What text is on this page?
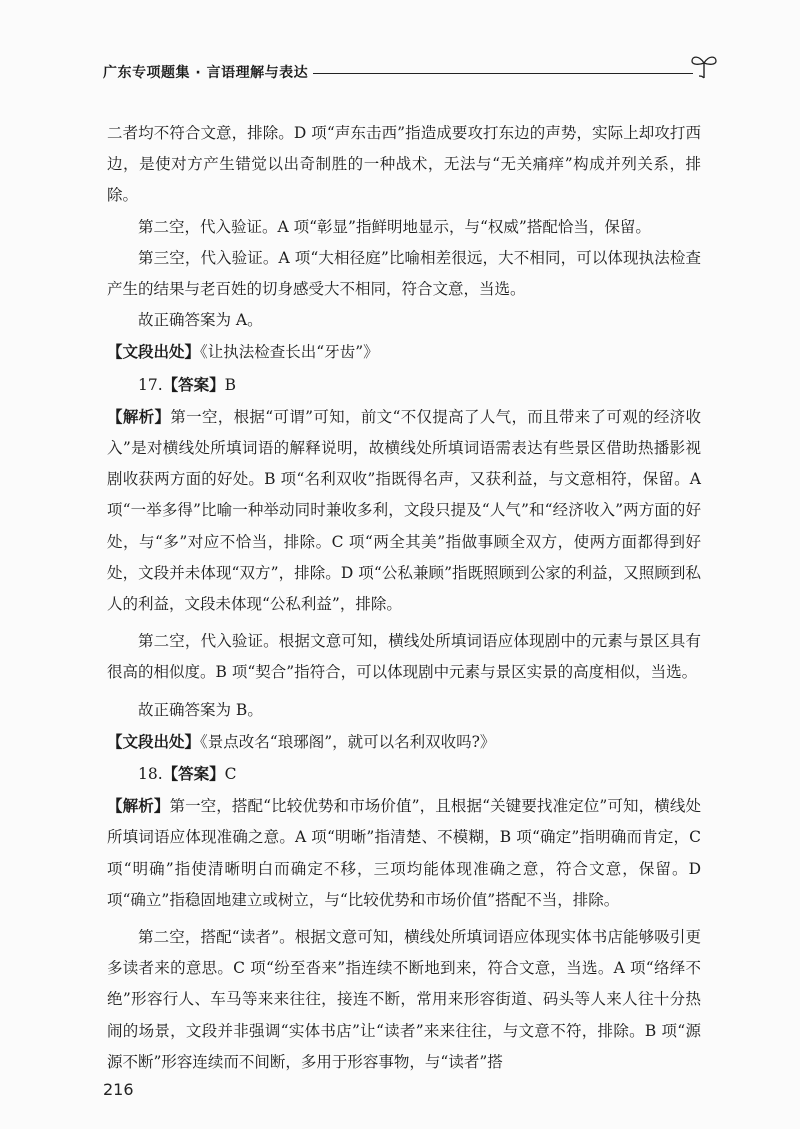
广东专项题集 · 言语理解与表达

二者均不符合文意，排除。D 项“声东击西”指造成要攻打东边的声势，实际上却攻打西边，是使对方产生错觉以出奇制胜的一种战术，无法与“无关痛痒”构成并列关系，排除。

第二空，代入验证。A 项“彰显”指鲜明地显示，与“权威”搭配恰当，保留。

第三空，代入验证。A 项“大相径庭”比喻相差很远，大不相同，可以体现执法检查产生的结果与老百姓的切身感受大不相同，符合文意，当选。

故正确答案为 A。

【文段出处】《让执法检查长出“牙齿”》

17.【答案】B

【解析】第一空，根据“可谓”可知，前文“不仅提高了人气，而且带来了可观的经济收入”是对横线处所填词语的解释说明，故横线处所填词语需表达有些景区借助热播影视剧收获两方面的好处。B 项“名利双收”指既得名声，又获利益，与文意相符，保留。A 项“一举多得”比喻一种举动同时兼收多利，文段只提及“人气”和“经济收入”两方面的好处，与“多”对应不恰当，排除。C 项“两全其美”指做事顾全双方，使两方面都得到好处，文段并未体现“双方”，排除。D 项“公私兼顾”指既照顾到公家的利益，又照顾到私人的利益，文段未体现“公私利益”，排除。

第二空，代入验证。根据文意可知，横线处所填词语应体现剧中的元素与景区具有很高的相似度。B 项“契合”指符合，可以体现剧中元素与景区实景的高度相似，当选。

故正确答案为 B。

【文段出处】《景点改名“琅琊阁”，就可以名利双收吗?》

18.【答案】C

【解析】第一空，搭配“比较优势和市场价值”，且根据“关键要找准定位”可知，横线处所填词语应体现准确之意。A 项“明晰”指清楚、不模糊，B 项“确定”指明确而肯定，C 项“明确”指使清晰明白而确定不移，三项均能体现准确之意，符合文意，保留。D 项“确立”指稳固地建立或树立，与“比较优势和市场价值”搭配不当，排除。

第二空，搭配“读者”。根据文意可知，横线处所填词语应体现实体书店能够吸引更多读者来的意思。C 项“纷至沓来”指连续不断地到来，符合文意，当选。A 项“络绎不绝”形容行人、车马等来来往往，接连不断，常用来形容街道、码头等人来人往十分热闹的场景，文段并非强调“实体书店”让“读者”来来往往，与文意不符，排除。B 项“源源不断”形容连续而不间断，多用于形容事物，与“读者”搭

216
